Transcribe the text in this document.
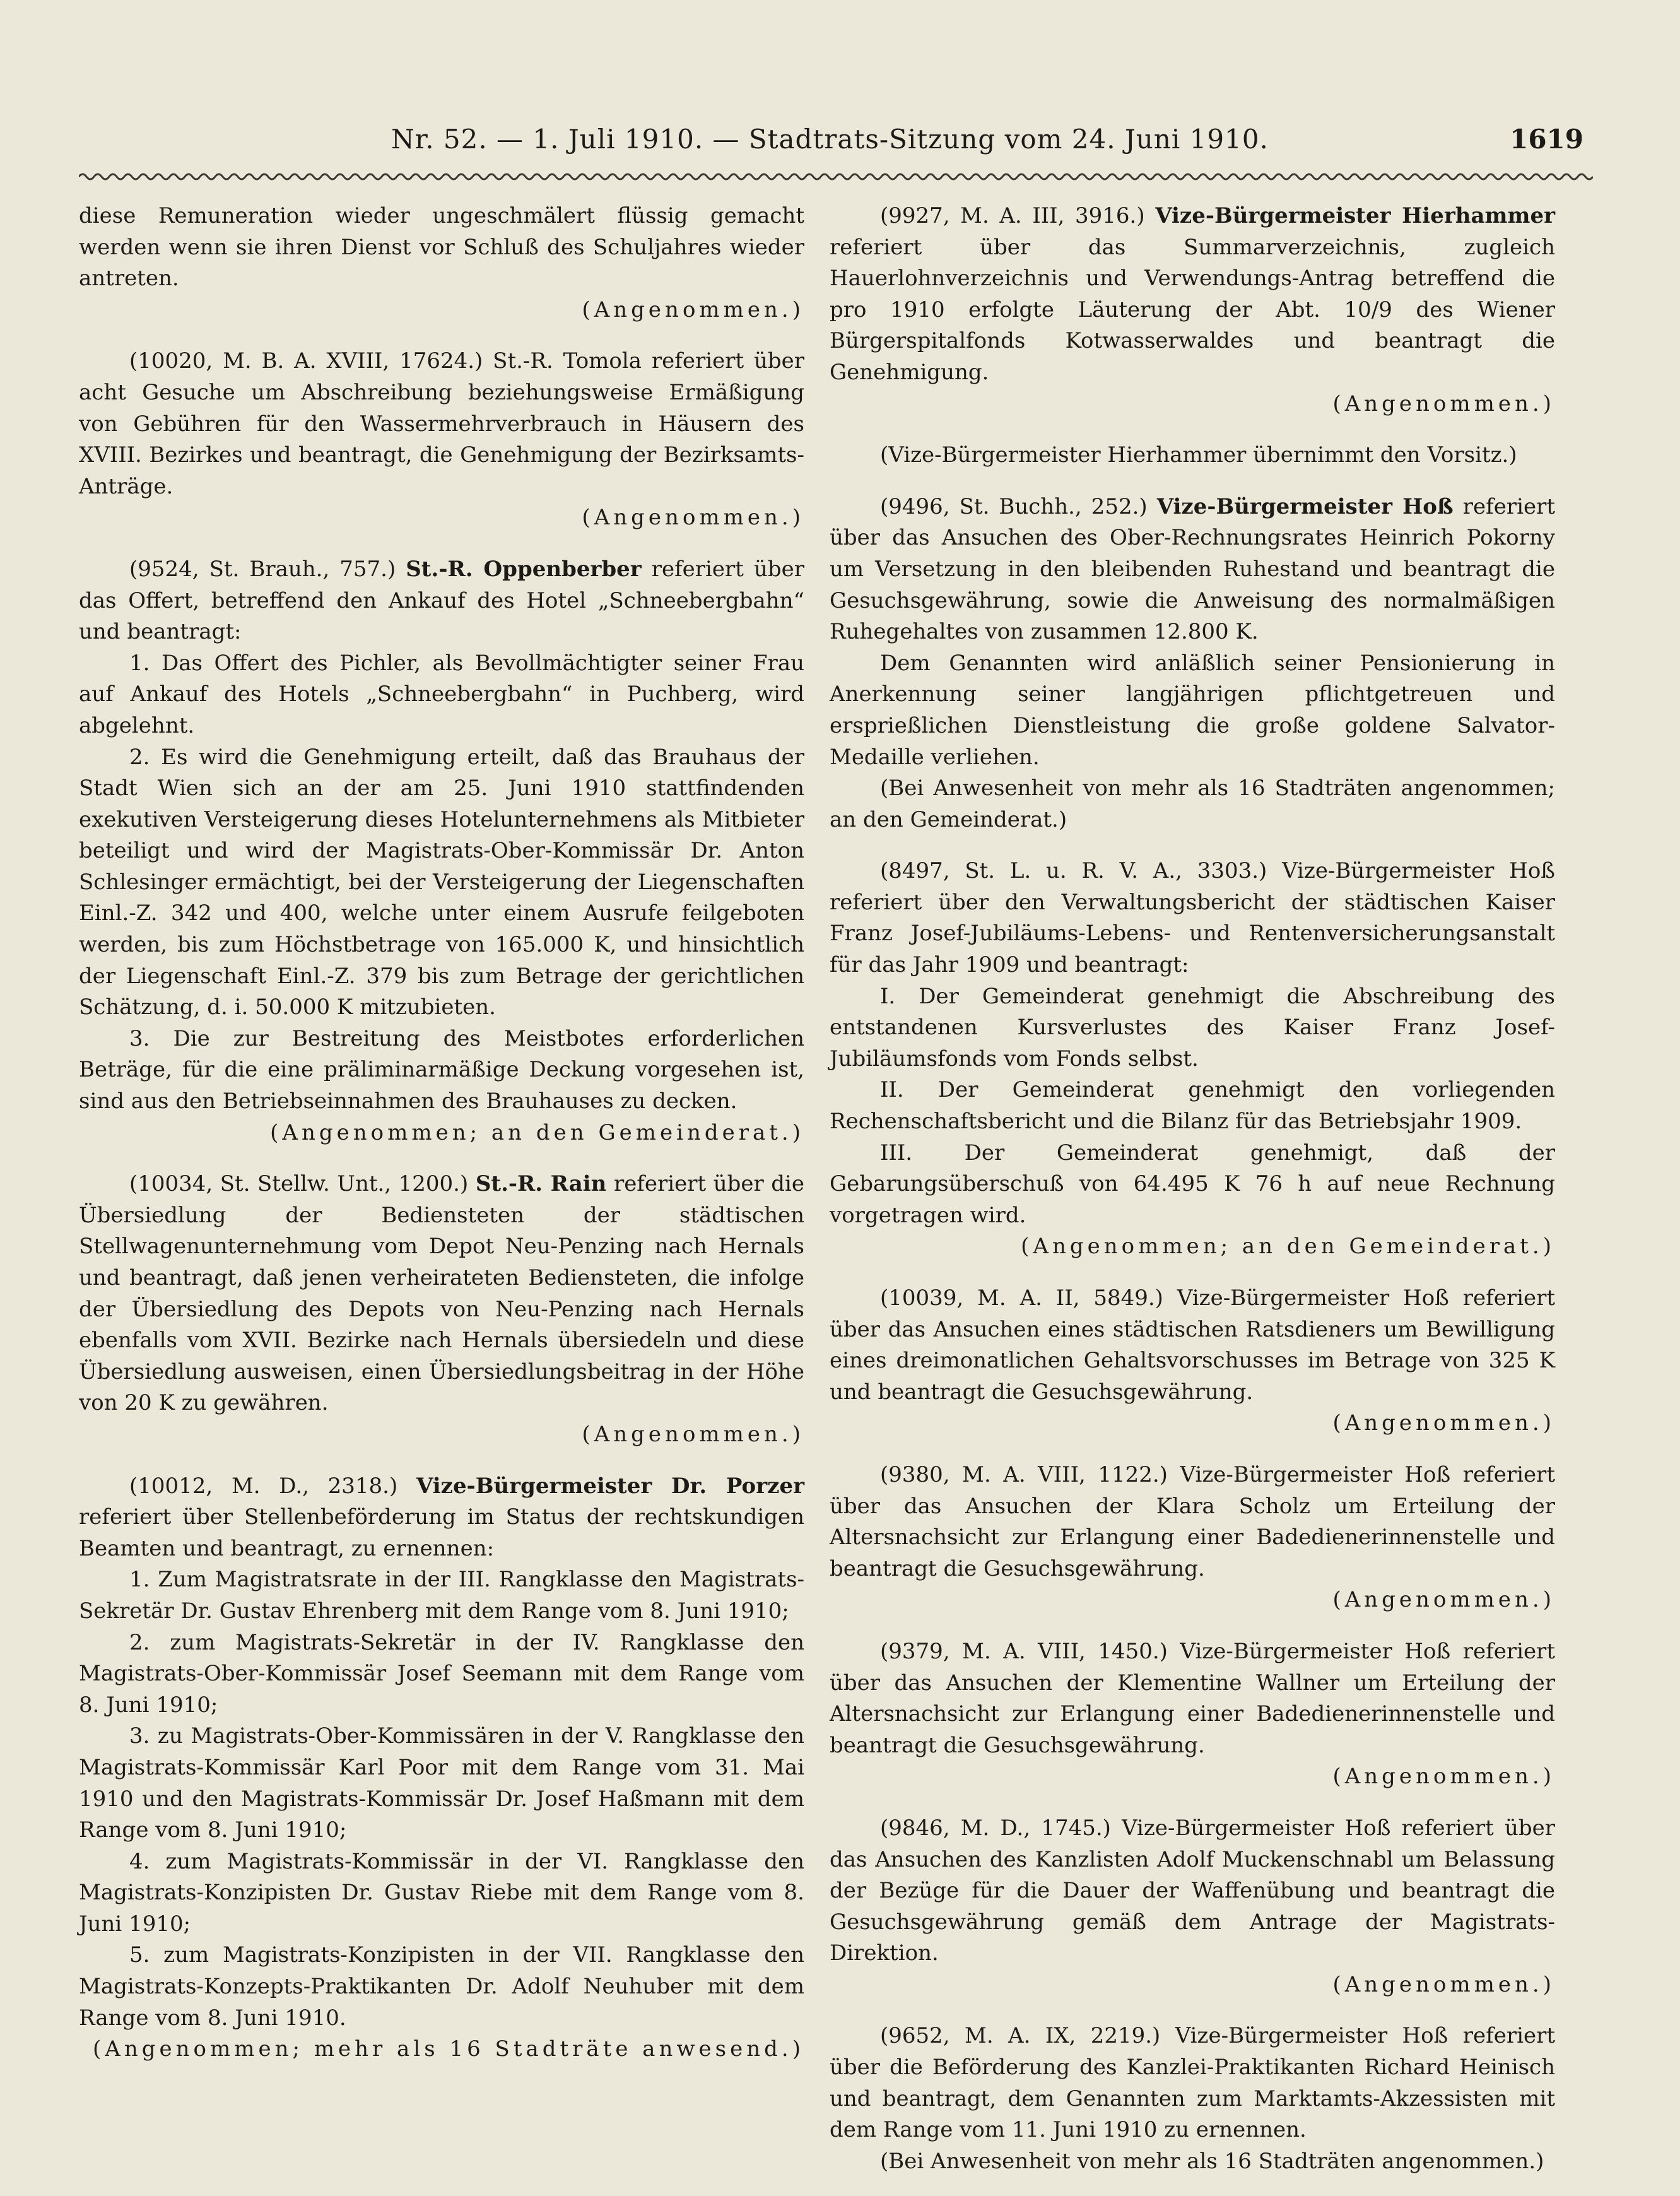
Nr. 52. — 1. Juli 1910. — Stadtrats-Sitzung vom 24. Juni 1910.	1619
diese Remuneration wieder ungeschmälert flüssig gemacht werden wenn sie ihren Dienst vor Schluß des Schuljahres wieder antreten.
(Angenommen.)

(10020, M. B. A. XVIII, 17624.) St.-R. Tomola referiert über acht Gesuche um Abschreibung beziehungsweise Ermäßigung von Gebühren für den Wassermehrverbrauch in Häusern des XVIII. Bezirkes und beantragt, die Genehmigung der Bezirksamts-Anträge.

(Angenommen.)

(9524, St. Brauh., 757.) St.-R. Oppenberber referiert über das Offert, betreffend den Ankauf des Hotel „Schneebergbahn“ und beantragt:

1. Das Offert des Pichler, als Bevollmächtigter seiner Frau auf Ankauf des Hotels „Schneebergbahn“ in Puchberg, wird abgelehnt.

2. Es wird die Genehmigung erteilt, daß das Brauhaus der Stadt Wien sich an der am 25. Juni 1910 stattfindenden exekutiven Versteigerung dieses Hotelunternehmens als Mitbieter beteiligt und wird der Magistrats-Ober-Kommissär Dr. Anton Schlesinger ermächtigt, bei der Versteigerung der Liegenschaften Einl.-Z. 342 und 400, welche unter einem Ausrufe feilgeboten werden, bis zum Höchstbetrage von 165.000 K, und hinsichtlich der Liegenschaft Einl.-Z. 379 bis zum Betrage der gerichtlichen Schätzung, d. i. 50.000 K mitzubieten.

3. Die zur Bestreitung des Meistbotes erforderlichen Beträge, für die eine präliminarmäßige Deckung vorgesehen ist, sind aus den Betriebseinnahmen des Brauhauses zu decken.

(Angenommen; an den Gemeinderat.)

(10034, St. Stellw. Unt., 1200.) St.-R. Rain referiert über die Übersiedlung der Bediensteten der städtischen Stellwagenunternehmung vom Depot Neu-Penzing nach Hernals und beantragt, daß jenen verheirateten Bediensteten, die infolge der Übersiedlung des Depots von Neu-Penzing nach Hernals ebenfalls vom XVII. Bezirke nach Hernals übersiedeln und diese Übersiedlung ausweisen, einen Übersiedlungsbeitrag in der Höhe von 20 K zu gewähren.

(Angenommen.)

(10012, M. D., 2318.) Vize-Bürgermeister Dr. Porzer referiert über Stellenbeförderung im Status der rechtskundigen Beamten und beantragt, zu ernennen:

1. Zum Magistratsrate in der III. Rangklasse den Magistrats-Sekretär Dr. Gustav Ehrenberg mit dem Range vom 8. Juni 1910;

2. zum Magistrats-Sekretär in der IV. Rangklasse den Magistrats-Ober-Kommissär Josef Seemann mit dem Range vom 8. Juni 1910;

3. zu Magistrats-Ober-Kommissären in der V. Rangklasse den Magistrats-Kommissär Karl Poor mit dem Range vom 31. Mai 1910 und den Magistrats-Kommissär Dr. Josef Haßmann mit dem Range vom 8. Juni 1910;

4. zum Magistrats-Kommissär in der VI. Rangklasse den Magistrats-Konzipisten Dr. Gustav Riebe mit dem Range vom 8. Juni 1910;

5. zum Magistrats-Konzipisten in der VII. Rangklasse den Magistrats-Konzepts-Praktikanten Dr. Adolf Neuhuber mit dem Range vom 8. Juni 1910.

(Angenommen; mehr als 16 Stadträte anwesend.)

(9927, M. A. III, 3916.) Vize-Bürgermeister Hierhammer referiert über das Summarverzeichnis, zugleich Hauerlohnverzeichnis und Verwendungs-Antrag betreffend die pro 1910 erfolgte Läuterung der Abt. 10/9 des Wiener Bürgerspitalfonds Kotwasserwaldes und beantragt die Genehmigung.

(Angenommen.)

(Vize-Bürgermeister Hierhammer übernimmt den Vorsitz.)

(9496, St. Buchh., 252.) Vize-Bürgermeister Hoß referiert über das Ansuchen des Ober-Rechnungsrates Heinrich Pokorny um Versetzung in den bleibenden Ruhestand und beantragt die Gesuchsgewährung, sowie die Anweisung des normalmäßigen Ruhegehaltes von zusammen 12.800 K.

Dem Genannten wird anläßlich seiner Pensionierung in Anerkennung seiner langjährigen pflichtgetreuen und ersprießlichen Dienstleistung die große goldene Salvator-Medaille verliehen.

(Bei Anwesenheit von mehr als 16 Stadträten angenommen; an den Gemeinderat.)

(8497, St. L. u. R. V. A., 3303.) Vize-Bürgermeister Hoß referiert über den Verwaltungsbericht der städtischen Kaiser Franz Josef-Jubiläums-Lebens- und Rentenversicherungsanstalt für das Jahr 1909 und beantragt:

I. Der Gemeinderat genehmigt die Abschreibung des entstandenen Kursverlustes des Kaiser Franz Josef-Jubiläumsfonds vom Fonds selbst.

II. Der Gemeinderat genehmigt den vorliegenden Rechenschaftsbericht und die Bilanz für das Betriebsjahr 1909.

III. Der Gemeinderat genehmigt, daß der Gebarungsüberschuß von 64.495 K 76 h auf neue Rechnung vorgetragen wird.

(Angenommen; an den Gemeinderat.)

(10039, M. A. II, 5849.) Vize-Bürgermeister Hoß referiert über das Ansuchen eines städtischen Ratsdieners um Bewilligung eines dreimonatlichen Gehaltsvorschusses im Betrage von 325 K und beantragt die Gesuchsgewährung.

(Angenommen.)

(9380, M. A. VIII, 1122.) Vize-Bürgermeister Hoß referiert über das Ansuchen der Klara Scholz um Erteilung der Altersnachsicht zur Erlangung einer Badedienerinnenstelle und beantragt die Gesuchsgewährung.

(Angenommen.)

(9379, M. A. VIII, 1450.) Vize-Bürgermeister Hoß referiert über das Ansuchen der Klementine Wallner um Erteilung der Altersnachsicht zur Erlangung einer Badedienerinnenstelle und beantragt die Gesuchsgewährung.

(Angenommen.)

(9846, M. D., 1745.) Vize-Bürgermeister Hoß referiert über das Ansuchen des Kanzlisten Adolf Muckenschnabl um Belassung der Bezüge für die Dauer der Waffenübung und beantragt die Gesuchsgewährung gemäß dem Antrage der Magistrats-Direktion.

(Angenommen.)

(9652, M. A. IX, 2219.) Vize-Bürgermeister Hoß referiert über die Beförderung des Kanzlei-Praktikanten Richard Heinisch und beantragt, dem Genannten zum Marktamts-Akzessisten mit dem Range vom 11. Juni 1910 zu ernennen.

(Bei Anwesenheit von mehr als 16 Stadträten angenommen.)
